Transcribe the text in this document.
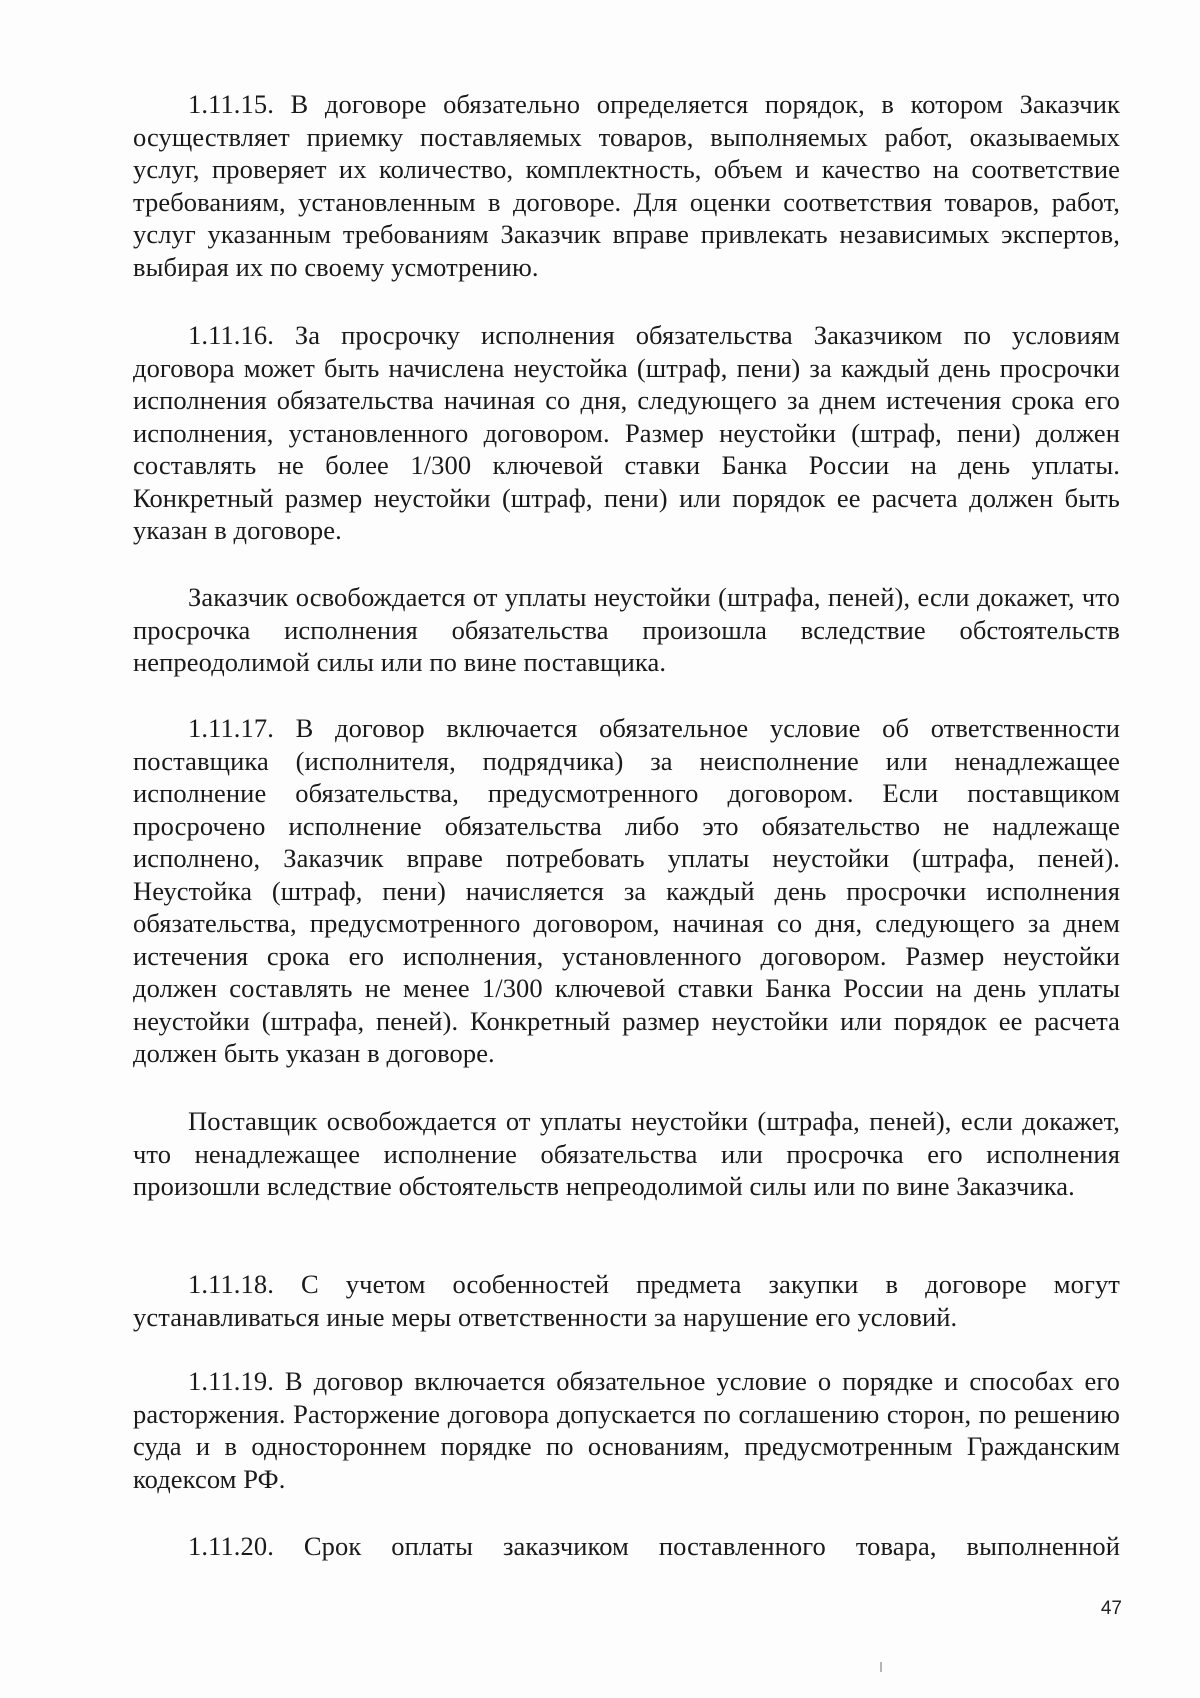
1.11.15. В договоре обязательно определяется порядок, в котором Заказчик осуществляет приемку поставляемых товаров, выполняемых работ, оказываемых услуг, проверяет их количество, комплектность, объем и качество на соответствие требованиям, установленным в договоре. Для оценки соответствия товаров, работ, услуг указанным требованиям Заказчик вправе привлекать независимых экспертов, выбирая их по своему усмотрению.

1.11.16. За просрочку исполнения обязательства Заказчиком по условиям договора может быть начислена неустойка (штраф, пени) за каждый день просрочки исполнения обязательства начиная со дня, следующего за днем истечения срока его исполнения, установленного договором. Размер неустойки (штраф, пени) должен составлять не более 1/300 ключевой ставки Банка России на день уплаты. Конкретный размер неустойки (штраф, пени) или порядок ее расчета должен быть указан в договоре.

Заказчик освобождается от уплаты неустойки (штрафа, пеней), если докажет, что просрочка исполнения обязательства произошла вследствие обстоятельств непреодолимой силы или по вине поставщика.

1.11.17. В договор включается обязательное условие об ответственности поставщика (исполнителя, подрядчика) за неисполнение или ненадлежащее исполнение обязательства, предусмотренного договором. Если поставщиком просрочено исполнение обязательства либо это обязательство не надлежаще исполнено, Заказчик вправе потребовать уплаты неустойки (штрафа, пеней). Неустойка (штраф, пени) начисляется за каждый день просрочки исполнения обязательства, предусмотренного договором, начиная со дня, следующего за днем истечения срока его исполнения, установленного договором. Размер неустойки должен составлять не менее 1/300 ключевой ставки Банка России на день уплаты неустойки (штрафа, пеней). Конкретный размер неустойки или порядок ее расчета должен быть указан в договоре.

Поставщик освобождается от уплаты неустойки (штрафа, пеней), если докажет, что ненадлежащее исполнение обязательства или просрочка его исполнения произошли вследствие обстоятельств непреодолимой силы или по вине Заказчика.

1.11.18. С учетом особенностей предмета закупки в договоре могут устанавливаться иные меры ответственности за нарушение его условий.

1.11.19. В договор включается обязательное условие о порядке и способах его расторжения. Расторжение договора допускается по соглашению сторон, по решению суда и в одностороннем порядке по основаниям, предусмотренным Гражданским кодексом РФ.

1.11.20. Срок оплаты заказчиком поставленного товара, выполненной

47
